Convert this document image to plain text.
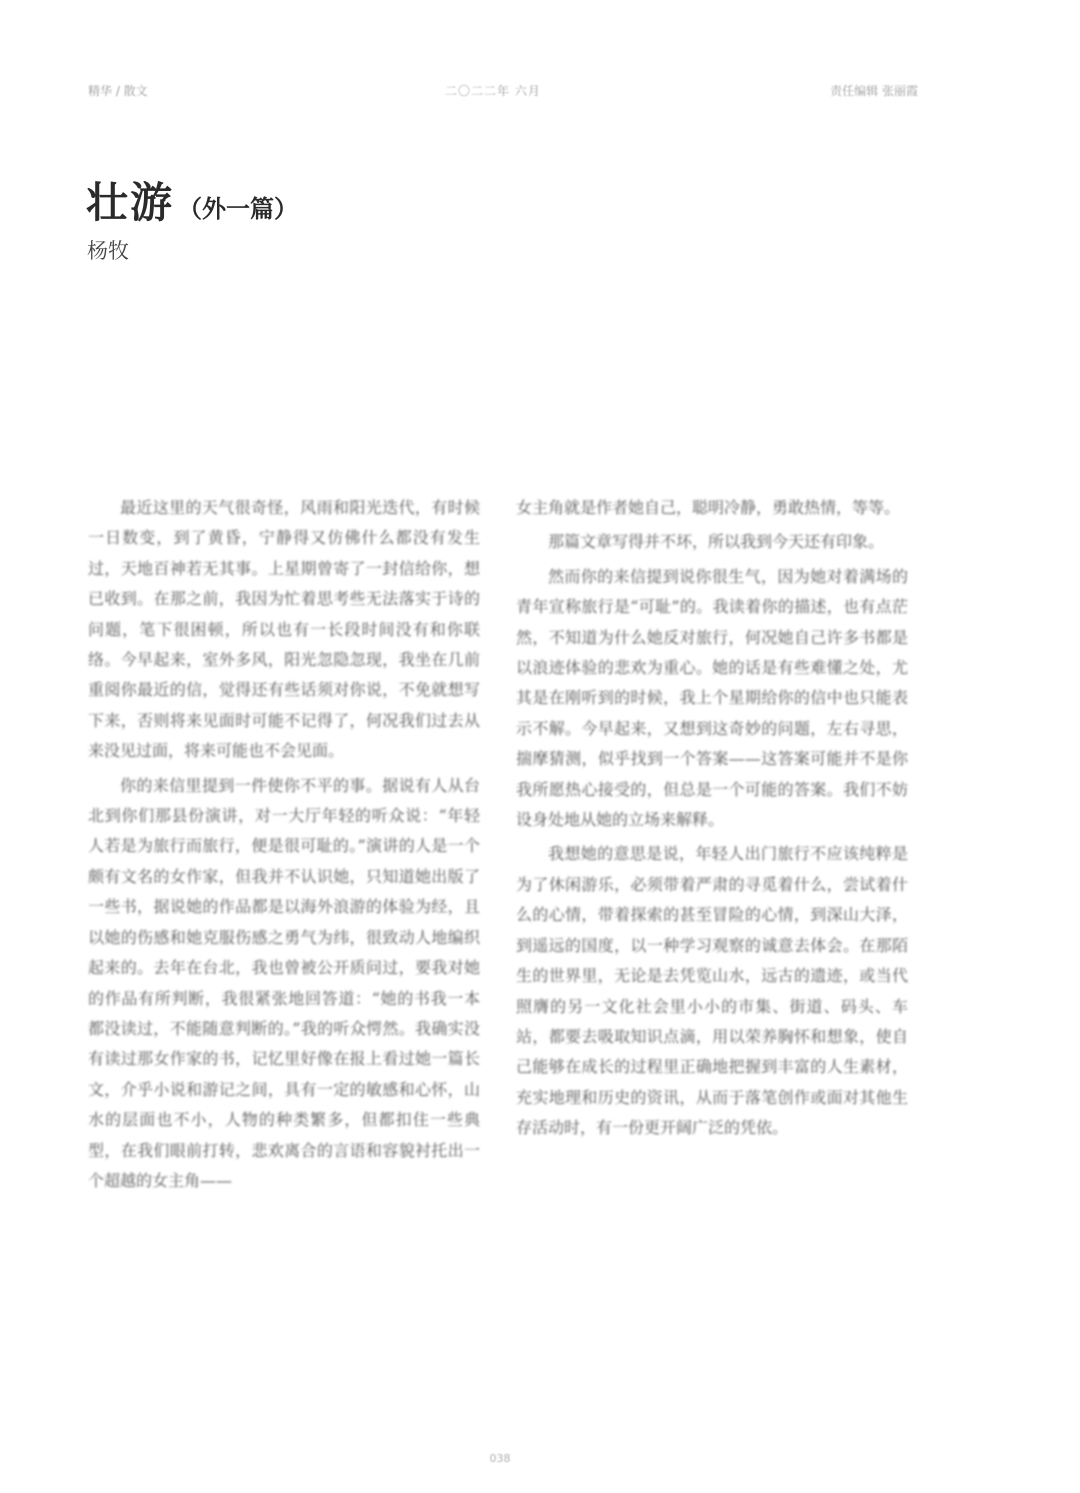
精华 / 散文	二〇二二年 六月	责任编辑 张丽霞
壮游 （外一篇）
杨牧

最近这里的天气很奇怪，风雨和阳光迭代，有时候一日数变，到了黄昏，宁静得又仿佛什么都没有发生过，天地百神若无其事。上星期曾寄了一封信给你，想已收到。在那之前，我因为忙着思考些无法落实于诗的问题，笔下很困顿，所以也有一长段时间没有和你联络。今早起来，室外多风，阳光忽隐忽现，我坐在几前重阅你最近的信，觉得还有些话须对你说，不免就想写下来，否则将来见面时可能不记得了，何况我们过去从来没见过面，将来可能也不会见面。

你的来信里提到一件使你不平的事。据说有人从台北到你们那县份演讲，对一大厅年轻的听众说：“年轻人若是为旅行而旅行，便是很可耻的。”演讲的人是一个颇有文名的女作家，但我并不认识她，只知道她出版了一些书，据说她的作品都是以海外浪游的体验为经，且以她的伤感和她克服伤感之勇气为纬，很致动人地编织起来的。去年在台北，我也曾被公开质问过，要我对她的作品有所判断，我很紧张地回答道：“她的书我一本都没读过，不能随意判断的。”我的听众愕然。我确实没有读过那女作家的书，记忆里好像在报上看过她一篇长文，介乎小说和游记之间，具有一定的敏感和心怀，山水的层面也不小，人物的种类繁多，但都扣住一些典型，在我们眼前打转，悲欢离合的言语和容貌衬托出一个超越的女主角——

女主角就是作者她自己，聪明冷静，勇敢热情，等等。

那篇文章写得并不坏，所以我到今天还有印象。

然而你的来信提到说你很生气，因为她对着满场的青年宣称旅行是“可耻”的。我读着你的描述，也有点茫然，不知道为什么她反对旅行，何况她自己许多书都是以浪迹体验的悲欢为重心。她的话是有些难懂之处，尤其是在刚听到的时候，我上个星期给你的信中也只能表示不解。今早起来，又想到这奇妙的问题，左右寻思，揣摩猜测，似乎找到一个答案——这答案可能并不是你我所愿热心接受的，但总是一个可能的答案。我们不妨设身处地从她的立场来解释。

我想她的意思是说，年轻人出门旅行不应该纯粹是为了休闲游乐，必须带着严肃的寻觅着什么，尝试着什么的心情，带着探索的甚至冒险的心情，到深山大泽，到遥远的国度，以一种学习观察的诚意去体会。在那陌生的世界里，无论是去凭览山水，远古的遗迹，或当代照膺的另一文化社会里小小的市集、街道、码头、车站，都要去吸取知识点滴，用以荣养胸怀和想象，使自己能够在成长的过程里正确地把握到丰富的人生素材，充实地理和历史的资讯，从而于落笔创作或面对其他生存活动时，有一份更开阔广泛的凭依。

038
